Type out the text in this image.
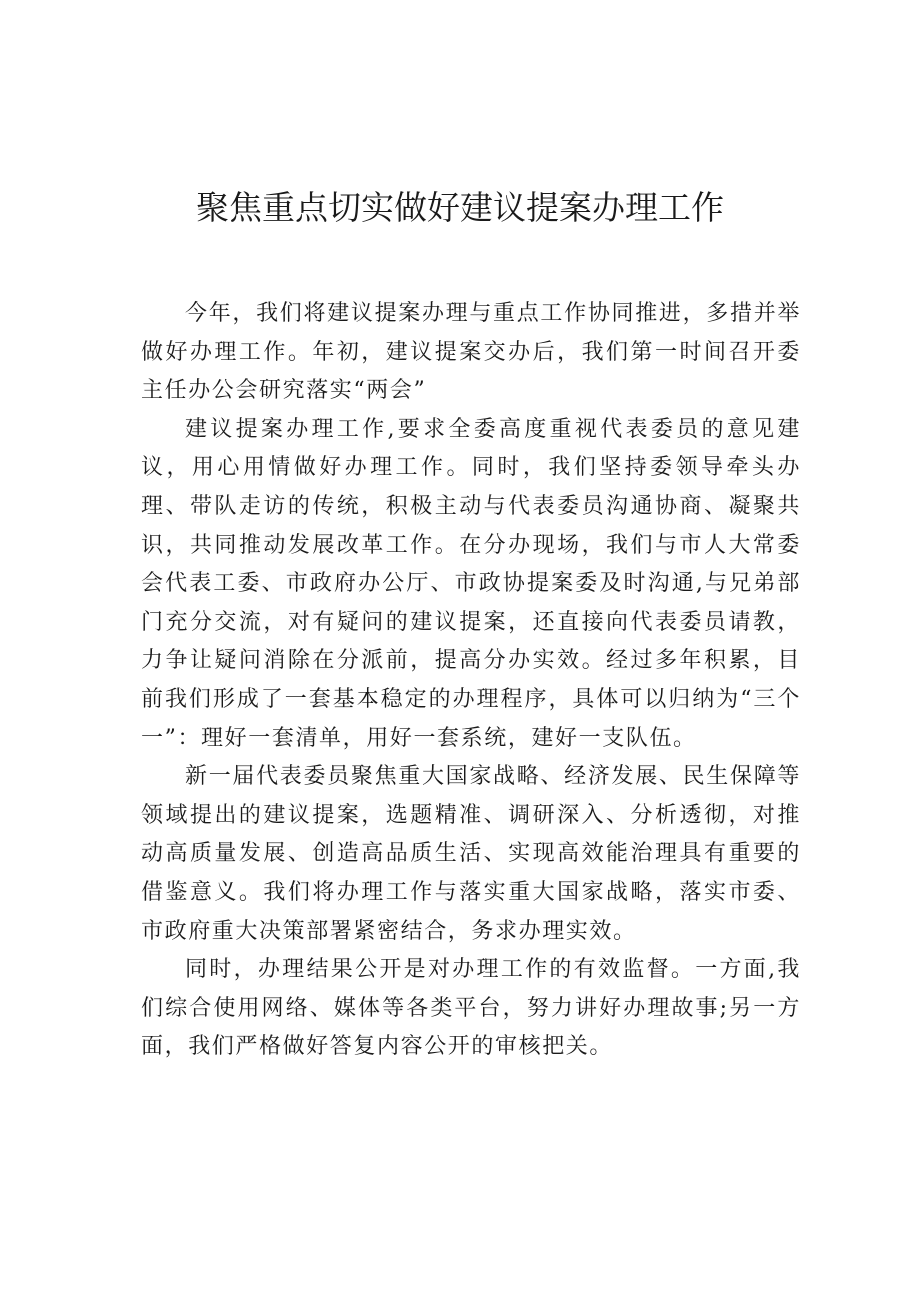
聚焦重点切实做好建议提案办理工作

今年，我们将建议提案办理与重点工作协同推进，多措并举做好办理工作。年初，建议提案交办后，我们第一时间召开委主任办公会研究落实“两会”

建议提案办理工作,要求全委高度重视代表委员的意见建议，用心用情做好办理工作。同时，我们坚持委领导牵头办理、带队走访的传统，积极主动与代表委员沟通协商、凝聚共识，共同推动发展改革工作。在分办现场，我们与市人大常委会代表工委、市政府办公厅、市政协提案委及时沟通,与兄弟部门充分交流，对有疑问的建议提案，还直接向代表委员请教，力争让疑问消除在分派前，提高分办实效。经过多年积累，目前我们形成了一套基本稳定的办理程序，具体可以归纳为“三个一”：理好一套清单，用好一套系统，建好一支队伍。

新一届代表委员聚焦重大国家战略、经济发展、民生保障等领域提出的建议提案，选题精准、调研深入、分析透彻，对推动高质量发展、创造高品质生活、实现高效能治理具有重要的借鉴意义。我们将办理工作与落实重大国家战略，落实市委、市政府重大决策部署紧密结合，务求办理实效。

同时，办理结果公开是对办理工作的有效监督。一方面,我们综合使用网络、媒体等各类平台，努力讲好办理故事;另一方面，我们严格做好答复内容公开的审核把关。
